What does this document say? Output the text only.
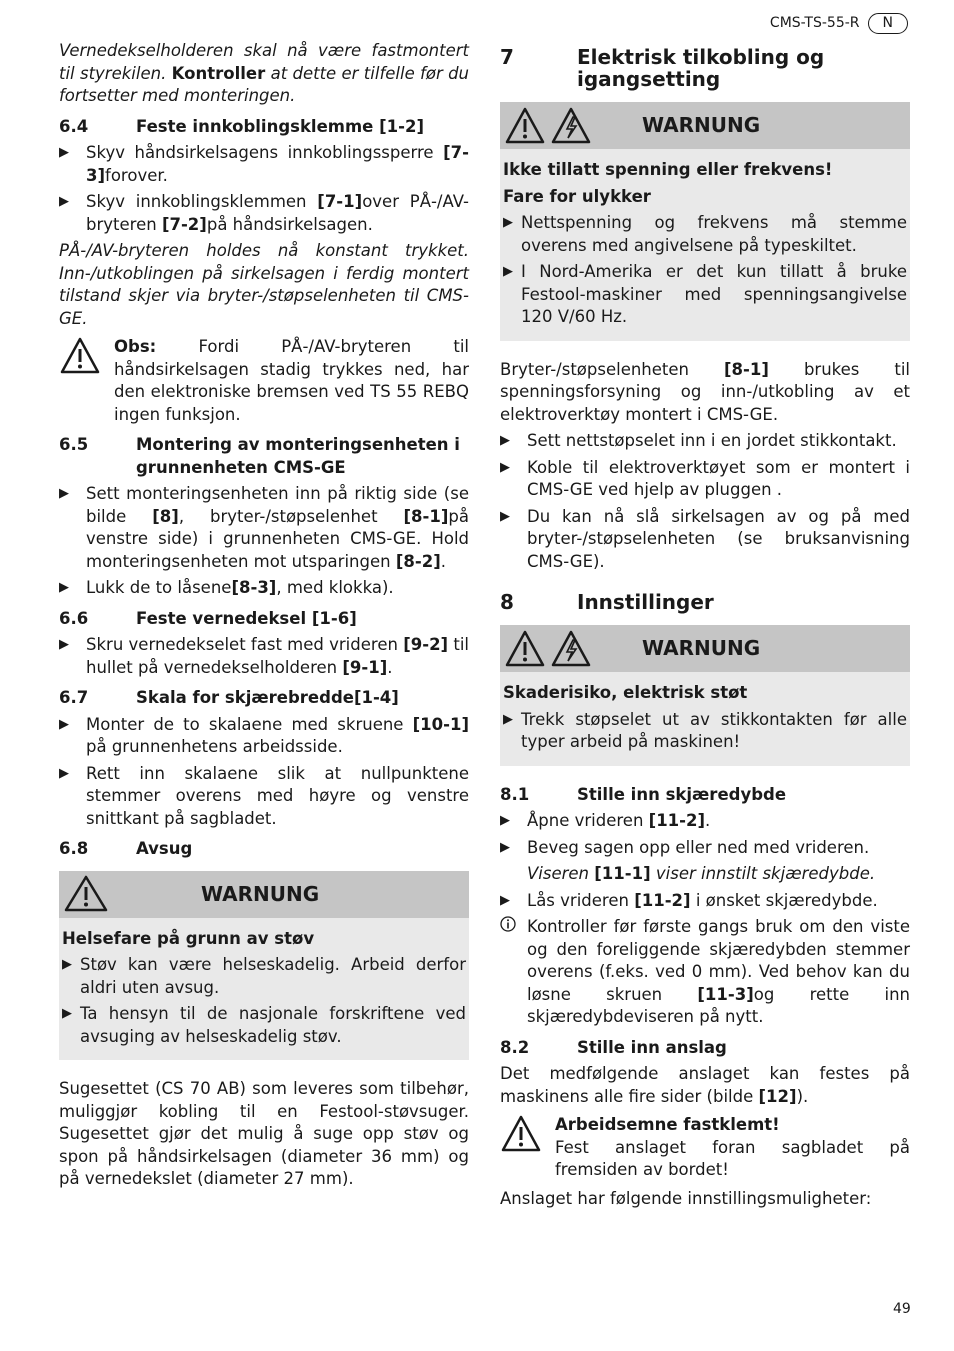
CMS-TS-55-R	N

Vernedekselholderen skal nå være fastmontert til styrekilen. Kontroller at dette er tilfelle før du fortsetter med monteringen.

6.4	Feste innkoblingsklemme [1-2]
▶	Skyv håndsirkelsagens innkoblingssperre [7-3]forover.
▶	Skyv innkoblingsklemmen [7-1]over PÅ-/AV-bryteren [7-2]på håndsirkelsagen.

PÅ-/AV-bryteren holdes nå konstant trykket. Inn-/utkoblingen på sirkelsagen i ferdig montert tilstand skjer via bryter-/støpselenheten til CMS-GE.

Obs:	Fordi PÅ-/AV-bryteren til håndsirkelsagen stadig trykkes ned, har den elektroniske bremsen ved TS 55 REBQ ingen funksjon.
6.5	Montering av monteringsenheten i grunnenheten CMS-GE
▶	Sett monteringsenheten inn på riktig side (se bilde [8], bryter-/støpselenhet [8-1]på venstre side) i grunnenheten CMS-GE. Hold monteringsenheten mot utsparingen [8-2].
▶	Lukk de to låsene[8-3], med klokka).
6.6	Feste vernedeksel [1-6]
▶	Skru vernedekselet fast med vrideren [9-2] til hullet på vernedekselholderen [9-1].
6.7	Skala for skjærebredde[1-4]
▶	Monter de to skalaene med skruene [10-1] på grunnenhetens arbeidsside.
▶	Rett inn skalaene slik at nullpunktene stemmer overens med høyre og venstre snittkant på sagbladet.
6.8	Avsug
WARNUNG
Helsefare på grunn av støv
▶ Støv kan være helseskadelig. Arbeid derfor aldri uten avsug.
▶ Ta hensyn til de nasjonale forskriftene ved avsuging av helseskadelig støv.

Sugesettet (CS 70 AB) som leveres som tilbehør, muliggjør kobling til en Festool-støvsuger. Sugesettet gjør det mulig å suge opp støv og spon på håndsirkelsagen (diameter 36 mm) og på vernedekslet (diameter 27 mm).

7	Elektrisk tilkobling og igangsetting
WARNUNG
Ikke tillatt spenning eller frekvens!
Fare for ulykker
▶ Nettspenning og frekvens må stemme overens med angivelsene på typeskiltet.
▶ I Nord-Amerika er det kun tillatt å bruke Festool-maskiner med spenningsangivelse 120 V/60 Hz.

Bryter-/støpselenheten [8-1] brukes til spenningsforsyning og inn-/utkobling av et elektroverktøy montert i CMS-GE.

▶	Sett nettstøpselet inn i en jordet stikkontakt.
▶	Koble til elektroverktøyet som er montert i CMS-GE ved hjelp av pluggen .
▶	Du kan nå slå sirkelsagen av og på med bryter-/støpselenheten (se bruksanvisning CMS-GE).
8	Innstillinger
WARNUNG
Skaderisiko, elektrisk støt
▶ Trekk støpselet ut av stikkontakten før alle typer arbeid på maskinen!
8.1	Stille inn skjæredybde
▶	Åpne vrideren [11-2].
▶	Beveg sagen opp eller ned med vrideren.

Viseren [11-1] viser innstilt skjæredybde.

▶	Lås vrideren [11-2] i ønsket skjæredybde.
Kontroller før første gangs bruk om den viste og den foreliggende skjæredybden stemmer overens (f.eks. ved 0 mm). Ved behov kan du løsne skruen [11-3]og rette inn skjæredybdeviseren på nytt.
8.2	Stille inn anslag

Det medfølgende anslaget kan festes på maskinens alle fire sider (bilde [12]).

Arbeidsemne fastklemt!
Fest anslaget foran sagbladet på fremsiden av bordet!

Anslaget har følgende innstillingsmuligheter:

49
